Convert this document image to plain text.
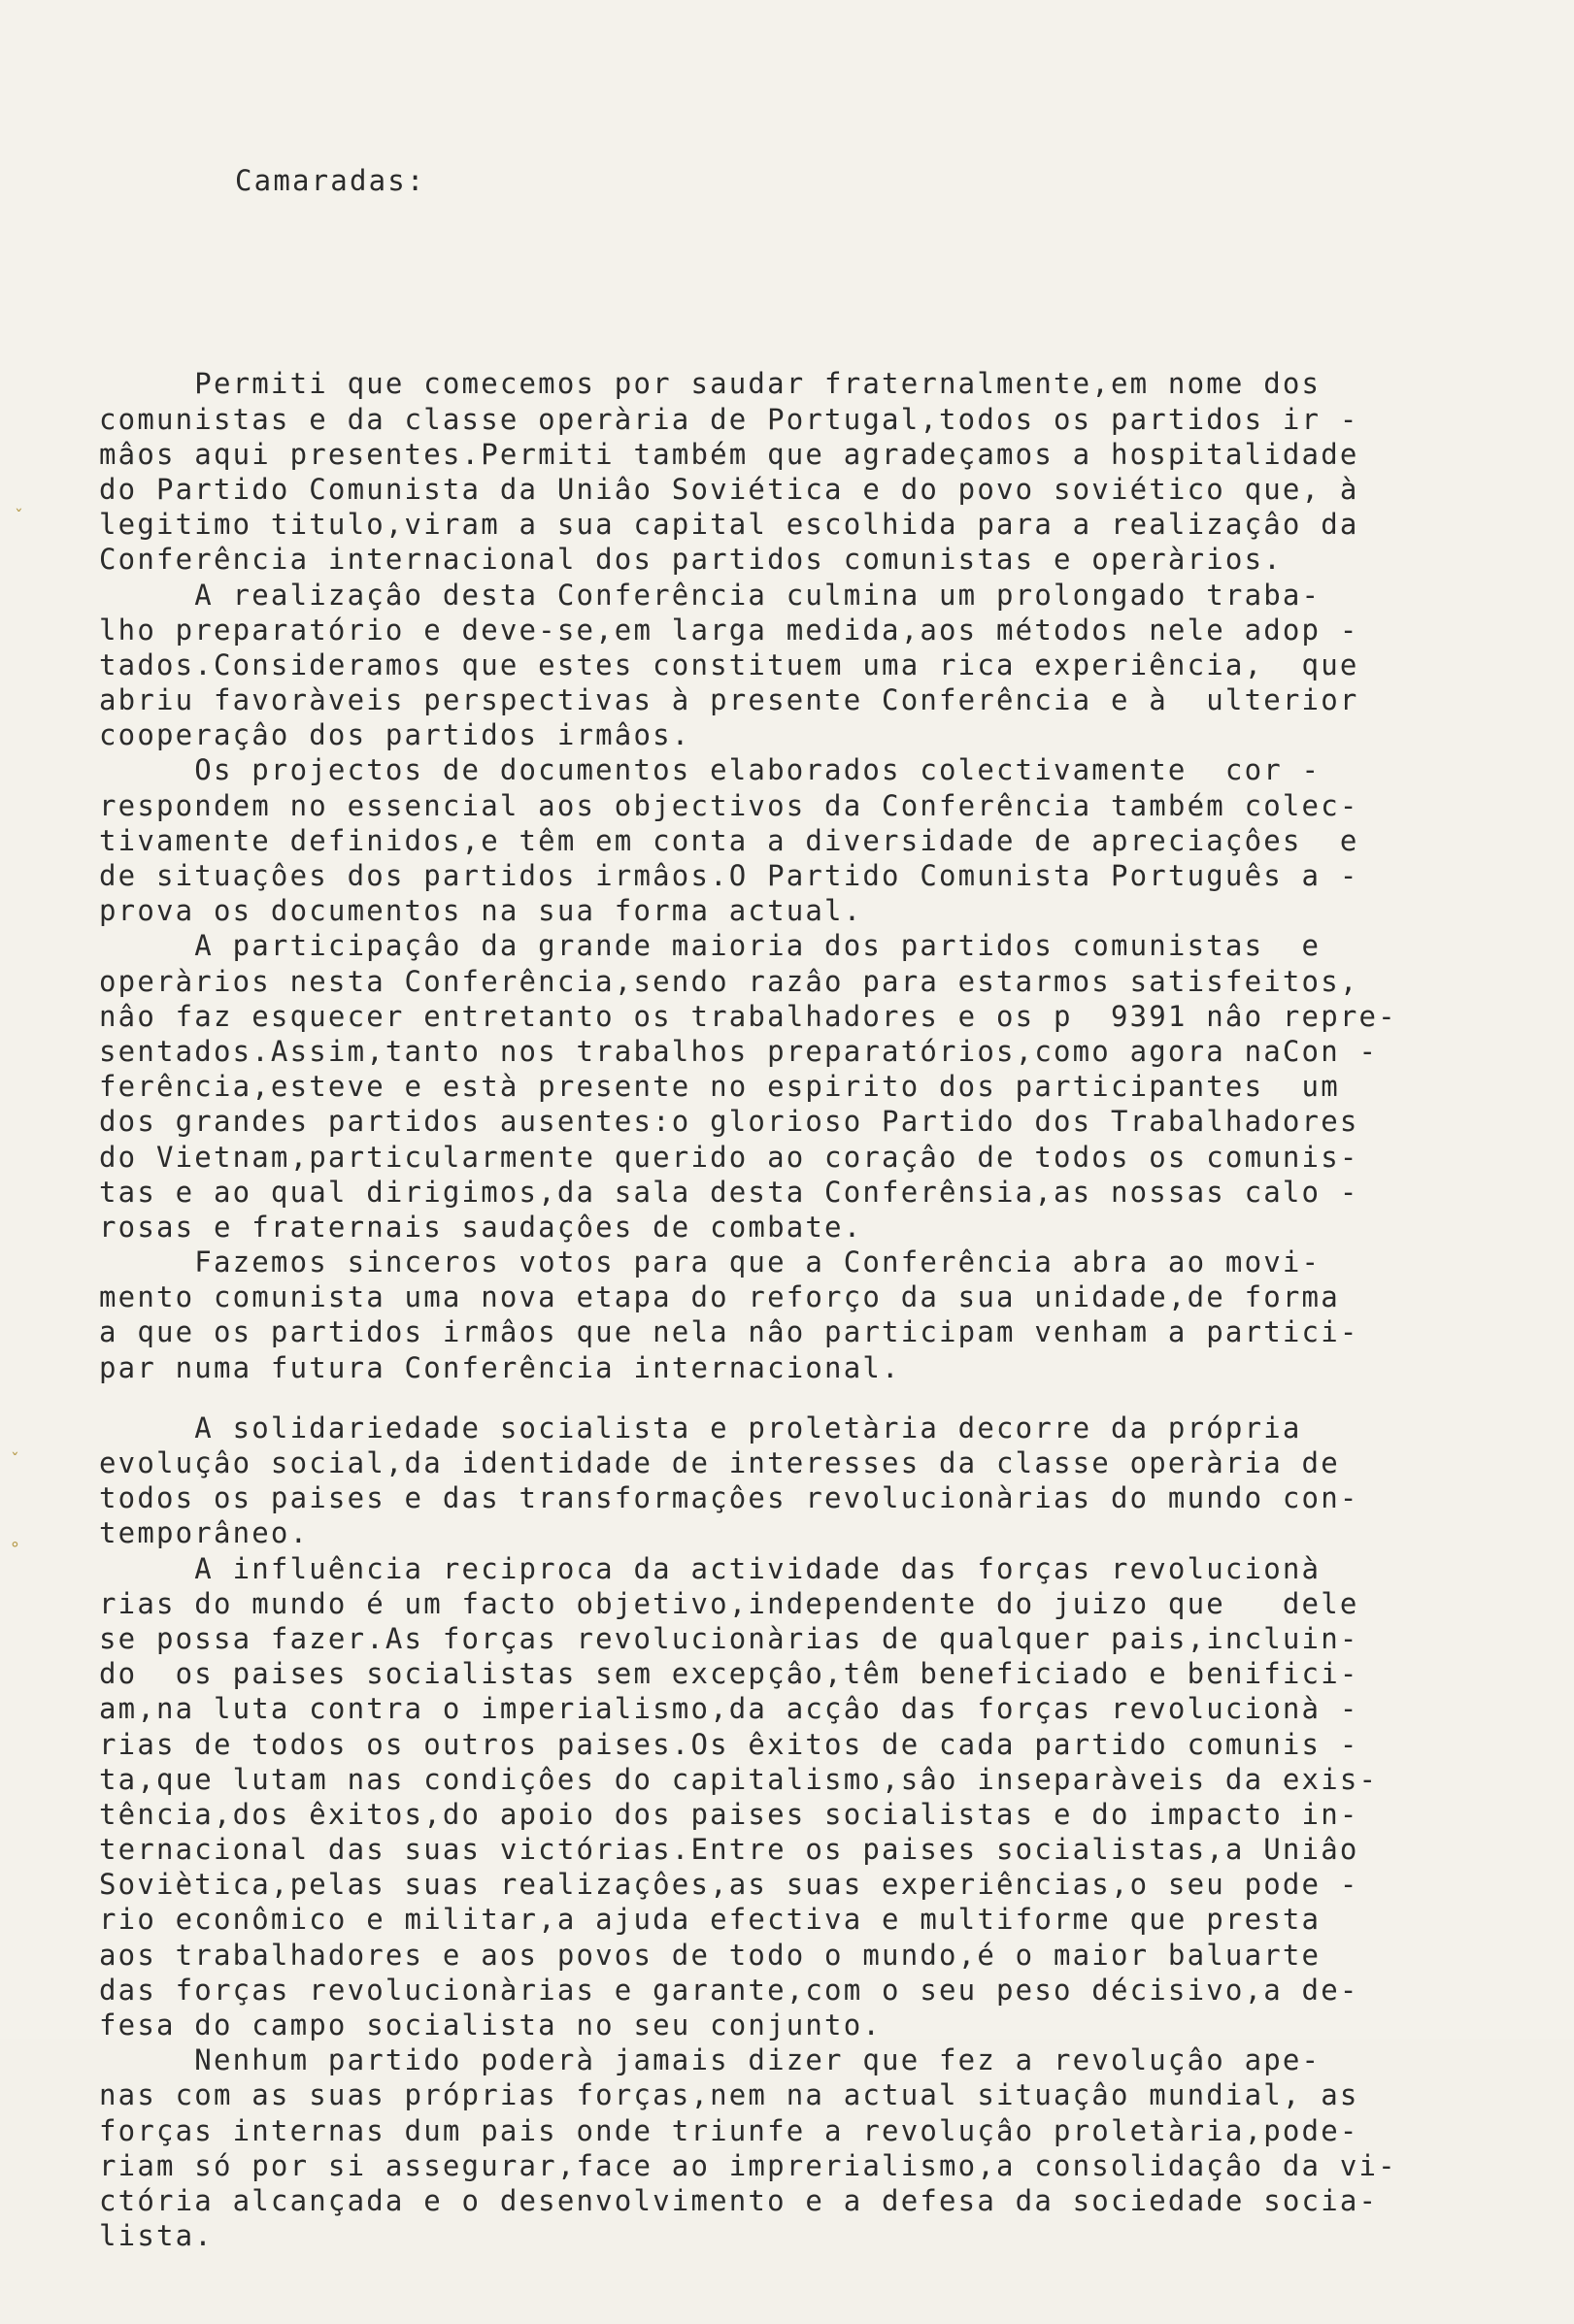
ˇ
ˇ
°

Camaradas:

Permiti que comecemos por saudar fraternalmente,em nome dos
comunistas e da classe operària de Portugal,todos os partidos ir -
mâos aqui presentes.Permiti também que agradeçamos a hospitalidade
do Partido Comunista da Uniâo Soviética e do povo soviético que, à
legitimo titulo,viram a sua capital escolhida para a realizaçâo da
Conferência internacional dos partidos comunistas e operàrios.
A realizaçâo desta Conferência culmina um prolongado traba-
lho preparatório e deve-se,em larga medida,aos métodos nele adop -
tados.Consideramos que estes constituem uma rica experiência,  que
abriu favoràveis perspectivas à presente Conferência e à  ulterior
cooperaçâo dos partidos irmâos.
Os projectos de documentos elaborados colectivamente  cor -
respondem no essencial aos objectivos da Conferência também colec-
tivamente definidos,e têm em conta a diversidade de apreciaçôes  e
de situaçôes dos partidos irmâos.O Partido Comunista Português a -
prova os documentos na sua forma actual.
A participaçâo da grande maioria dos partidos comunistas  e
operàrios nesta Conferência,sendo razâo para estarmos satisfeitos,
nâo faz esquecer entretanto os trabalhadores e os p  9391 nâo repre-
sentados.Assim,tanto nos trabalhos preparatórios,como agora naCon -
ferência,esteve e està presente no espirito dos participantes  um
dos grandes partidos ausentes:o glorioso Partido dos Trabalhadores
do Vietnam,particularmente querido ao coraçâo de todos os comunis-
tas e ao qual dirigimos,da sala desta Conferênsia,as nossas calo -
rosas e fraternais saudaçôes de combate.
Fazemos sinceros votos para que a Conferência abra ao movi-
mento comunista uma nova etapa do reforço da sua unidade,de forma
a que os partidos irmâos que nela nâo participam venham a partici-
par numa futura Conferência internacional.
A solidariedade socialista e proletària decorre da própria
evoluçâo social,da identidade de interesses da classe operària de
todos os paises e das transformaçôes revolucionàrias do mundo con-
temporâneo.
A influência reciproca da actividade das forças revolucionà
rias do mundo é um facto objetivo,independente do juizo que   dele
se possa fazer.As forças revolucionàrias de qualquer pais,incluin-
do  os paises socialistas sem excepçâo,têm beneficiado e benifici-
am,na luta contra o imperialismo,da acçâo das forças revolucionà -
rias de todos os outros paises.Os êxitos de cada partido comunis -
ta,que lutam nas condiçôes do capitalismo,sâo inseparàveis da exis-
tência,dos êxitos,do apoio dos paises socialistas e do impacto in-
ternacional das suas victórias.Entre os paises socialistas,a Uniâo
Soviètica,pelas suas realizaçôes,as suas experiências,o seu pode -
rio econômico e militar,a ajuda efectiva e multiforme que presta
aos trabalhadores e aos povos de todo o mundo,é o maior baluarte
das forças revolucionàrias e garante,com o seu peso décisivo,a de-
fesa do campo socialista no seu conjunto.
Nenhum partido poderà jamais dizer que fez a revoluçâo ape-
nas com as suas próprias forças,nem na actual situaçâo mundial, as
forças internas dum pais onde triunfe a revoluçâo proletària,pode-
riam só por si assegurar,face ao imprerialismo,a consolidaçâo da vi-
ctória alcançada e o desenvolvimento e a defesa da sociedade socia-
lista.
